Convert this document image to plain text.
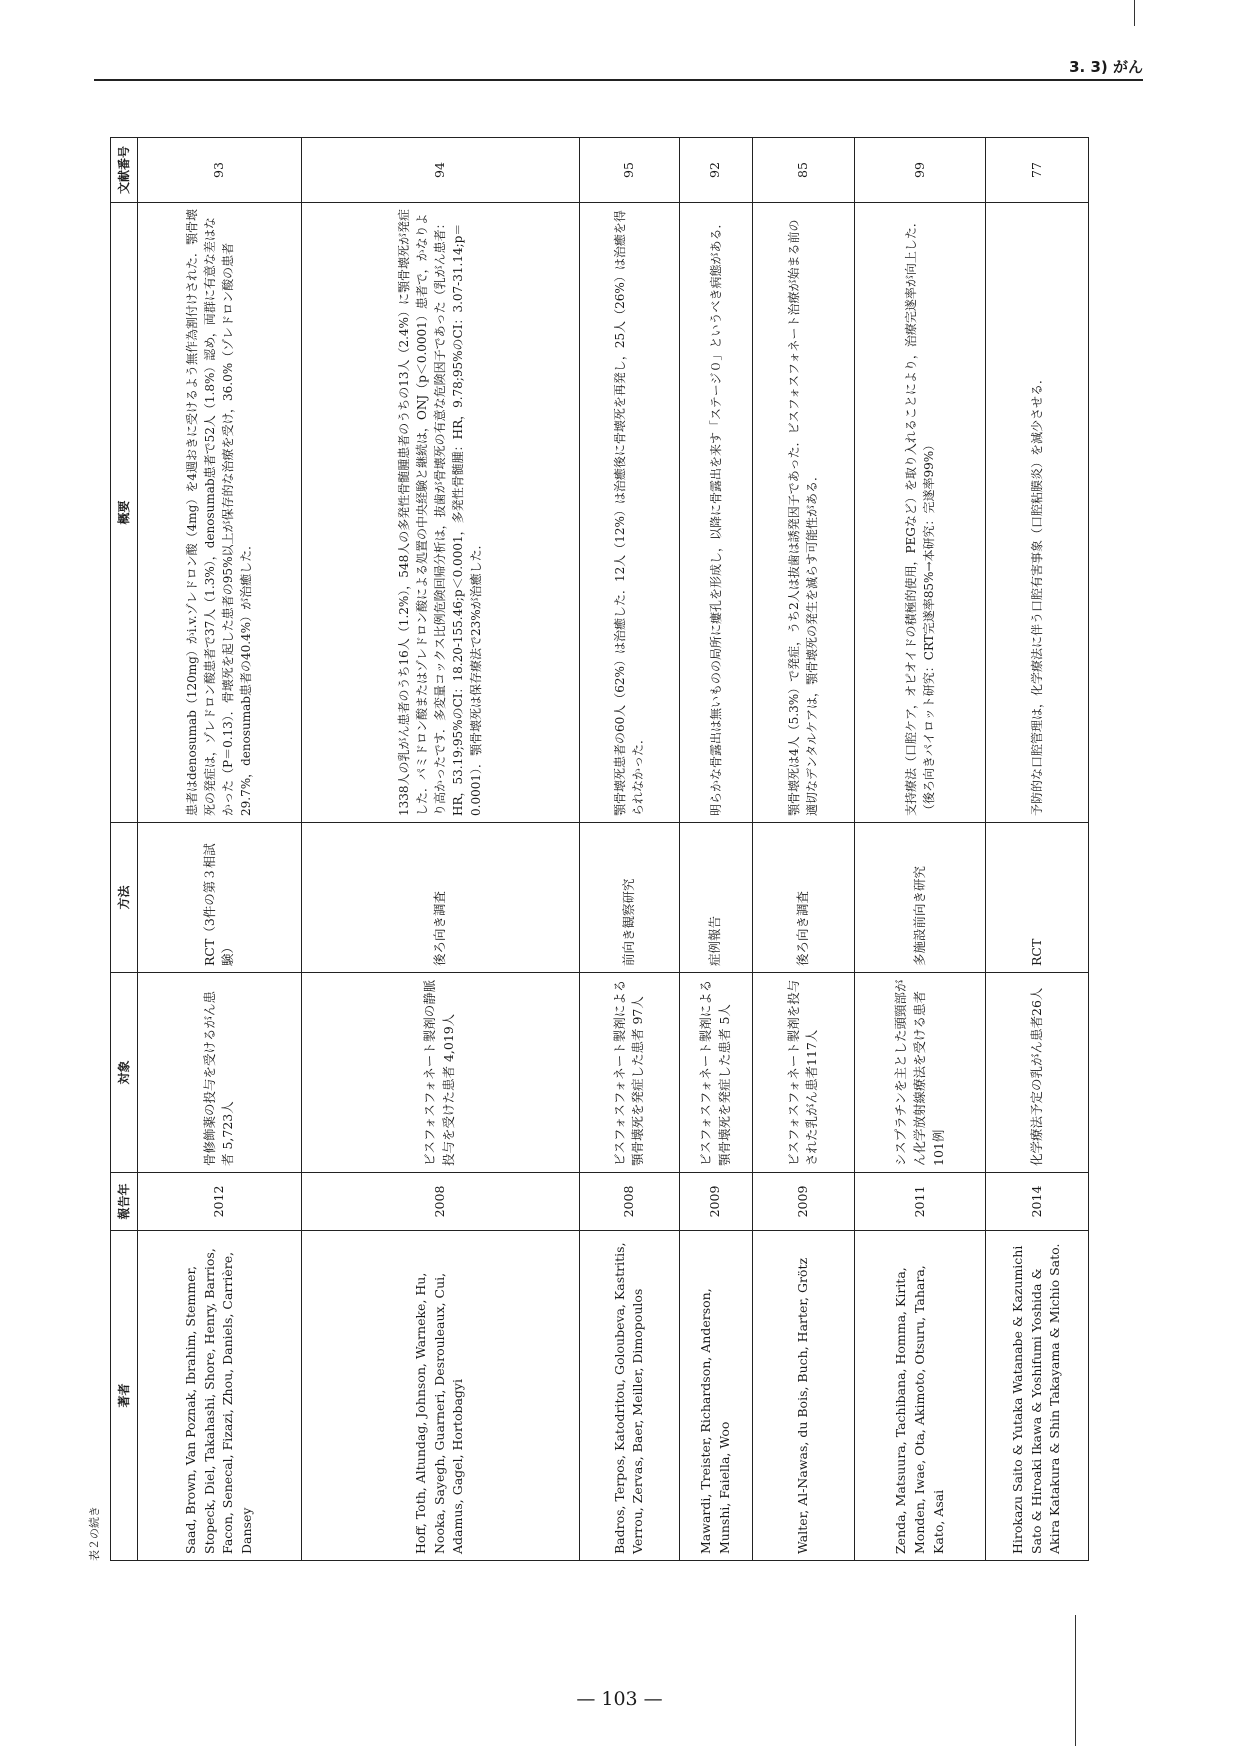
3. 3) がん
表２の続き
著者	報告年	対象	方法	概要	文献番号
Saad, Brown, Van Poznak, Ibrahim, Stemmer, Stopeck, Diel, Takahashi, Shore, Henry, Barrios, Facon, Senecal, Fizazi, Zhou, Daniels, Carrière, Dansey	2012	骨修飾薬の投与を受けるがん患者 5,723人	RCT（3件の第３相試験）	患者はdenosumab（120mg）かi.v.ゾレドロン酸（4mg）を4週おきに受けるよう無作為割付けされた．顎骨壊死の発症は，ゾレドロン酸患者で37人（1.3%），denosumab患者で52人（1.8%）認め，両群に有意な差はなかった（P＝0.13）．骨壊死を起した患者の95%以上が保存的な治療を受け，36.0%（ゾレドロン酸の患者29.7%，denosumab患者の40.4%）が治癒した．	93
Hoff, Toth, Altundag, Johnson, Warneke, Hu, Nooka, Sayegh, Guarneri, Desrouleaux, Cui, Adamus, Gagel, Hortobagyi	2008	ビスフォスフォネート製剤の静脈投与を受けた患者 4,019人	後ろ向き調査	1338人の乳がん患者のうち16人（1.2%），548人の多発性骨髄腫患者のうちの13人（2.4%）に顎骨壊死が発症した．パミドロン酸またはゾレドロン酸による処置の中央経験と継続は，ONJ（p＜0.0001）患者で，かなりより高かったです．多変量コックス比例危険回帰分析は，抜歯が骨壊死の有意な危険因子であった（乳がん患者：HR，53.19;95%のCI：18.20-155.46;p＜0.0001，多発性骨髄腫：HR，9.78;95%のCI：3.07-31.14;p＝0.0001）．顎骨壊死は保存療法で23%が治癒した．	94
Badros, Terpos, Katodritou, Goloubeva, Kastritis, Verrou, Zervas, Baer, Meiller, Dimopoulos	2008	ビスフォスフォネート製剤による顎骨壊死を発症した患者 97人	前向き観察研究	顎骨壊死患者の60人（62%）は治癒した．12人（12%）は治癒後に骨壊死を再発し，25人（26%）は治癒を得られなかった．	95
Mawardi, Treister, Richardson, Anderson, Munshi, Faiella, Woo	2009	ビスフォスフォネート製剤による顎骨壊死を発症した患者 5人	症例報告	明らかな骨露出は無いものの局所に瘻孔を形成し，以降に骨露出を来す「ステージ０」というべき病態がある．	92
Walter, Al-Nawas, du Bois, Buch, Harter, Grötz	2009	ビスフォスフォネート製剤を投与された乳がん患者117人	後ろ向き調査	顎骨壊死は4人（5.3%）で発症，うち2人は抜歯は誘発因子であった．ビスフォスフォネート治療が始まる前の適切なデンタルケアは，顎骨壊死の発生を減らす可能性がある．	85
Zenda, Matsuura, Tachibana, Homma, Kirita, Monden, Iwae, Ota, Akimoto, Otsuru, Tahara, Kato, Asai	2011	シスプラチンを主とした頭頸部がん化学放射線療法を受ける患者101例	多施設前向き研究	支持療法（口腔ケア，オピオイドの積極的使用，PEGなど）を取り入れることにより，治療完遂率が向上した．（後ろ向きパイロット研究：CRT完遂率85%→本研究：完遂率99%）	99
Hirokazu Saito & Yutaka Watanabe & Kazumichi Sato & Hiroaki Ikawa & Yoshifumi Yoshida & Akira Katakura & Shin Takayama & Michio Sato.	2014	化学療法予定の乳がん患者26人	RCT	予防的な口腔管理は，化学療法に伴う口腔有害事象（口腔粘膜炎）を減少させる．	77
— 103 —
